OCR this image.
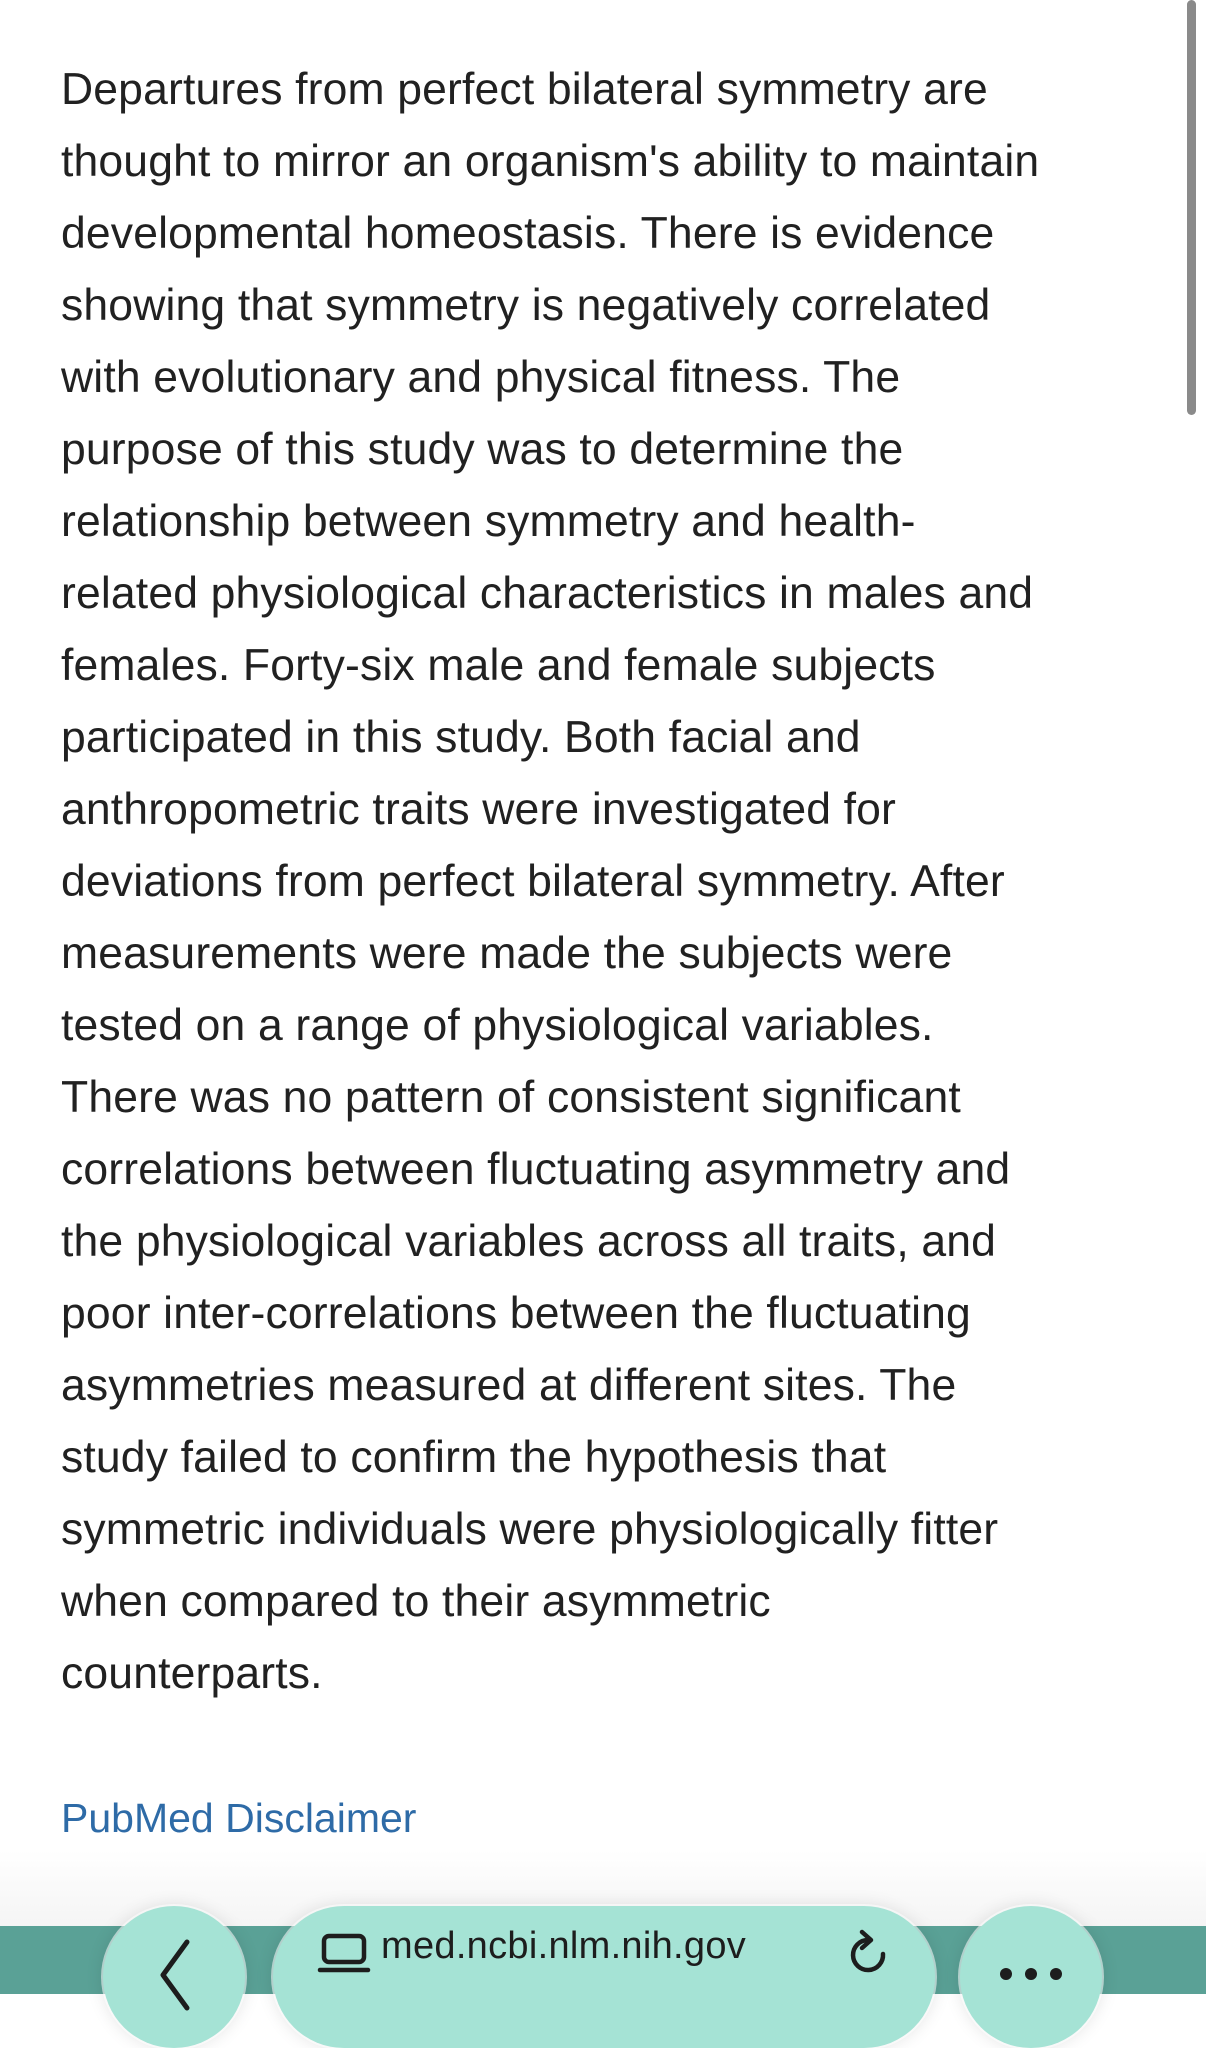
Departures from perfect bilateral symmetry are
thought to mirror an organism's ability to maintain
developmental homeostasis. There is evidence
showing that symmetry is negatively correlated
with evolutionary and physical fitness. The
purpose of this study was to determine the
relationship between symmetry and health-
related physiological characteristics in males and
females. Forty-six male and female subjects
participated in this study. Both facial and
anthropometric traits were investigated for
deviations from perfect bilateral symmetry. After
measurements were made the subjects were
tested on a range of physiological variables.
There was no pattern of consistent significant
correlations between fluctuating asymmetry and
the physiological variables across all traits, and
poor inter-correlations between the fluctuating
asymmetries measured at different sites. The
study failed to confirm the hypothesis that
symmetric individuals were physiologically fitter
when compared to their asymmetric
counterparts.

PubMed Disclaimer
med.ncbi.nlm.nih.gov
